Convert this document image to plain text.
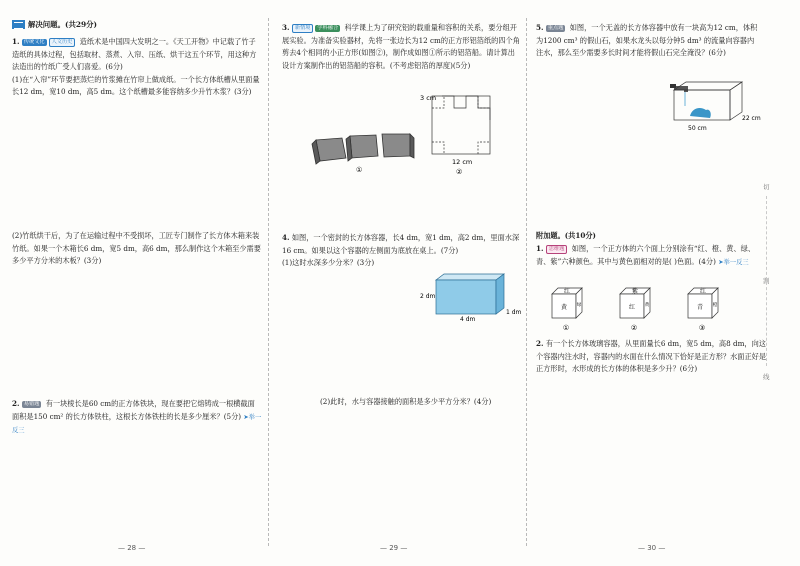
解决问题。(共29分)
1. 传统文化 人文历史 造纸术是中国四大发明之一。《天工开物》中记载了竹子造纸的具体过程，包括取材、蒸煮、入帘、压纸、烘干这五个环节，用这种方法造出的竹纸广受人们喜爱。(6分)
(1)在“入帘”环节要把蒸烂的竹浆摊在竹帘上做成纸。一个长方体纸槽从里面量长12 dm，宽10 dm，高5 dm。这个纸槽最多能容纳多少升竹木浆？(3分)
(2)竹纸烘干后，为了在运输过程中不受损坏，工匠专门制作了长方体木箱来装竹纸。如果一个木箱长6 dm，宽5 dm，高6 dm，那么制作这个木箱至少需要多少平方分米的木板？(3分)
2. 易错题 有一块棱长是60 cm的正方体铁块，现在要把它熔铸成一根横截面面积是150 cm² 的长方体铁柱，这根长方体铁柱的长是多少厘米？(5分) ➤举一反三
— 28 —
3. 新情境 学科融合 科学课上为了研究铝的载重量和容积的关系，要分组开展实验。为准备实验器材，先将一张边长为12 cm的正方形铝箔纸的四个角剪去4个相同的小正方形(如图②)，制作成如图①所示的铝箔船。请计算出设计方案制作出的铝箔船的容积。(不考虑铝箔的厚度)(5分)
①
3 cm
12 cm
②
4. 如图，一个密封的长方体容器，长4 dm，宽1 dm，高2 dm，里面水深16 cm。如果以这个容器的左侧面为底放在桌上。(7分)
(1)这时水深多少分米？(3分)
2 dm
1 dm
4 dm
(2)此时，水与容器接触的面积是多少平方分米？(4分)
— 29 —
5. 重点题 如图，一个无盖的长方体容器中放有一块高为12 cm，体积为1200 cm³ 的假山石，如果水龙头以每分钟5 dm³ 的流量向容器内注水，那么至少需要多长时间才能将假山石完全淹没？(6分)
50 cm
22 cm
附加题。(共10分)
1. 思维题 如图，一个正方体的六个面上分别涂有“红、橙、黄、绿、青、紫”六种颜色。其中与黄色面相对的是( )色面。(4分) ➤举一反三
红
黄 绿
①
紫
红 黄
②
红
青 橙
③
2. 有一个长方体玻璃容器，从里面量长6 dm，宽5 dm，高8 dm，向这个容器内注水时，容器内的水面在什么情况下恰好是正方形？水面正好是正方形时，水形成的长方体的体积是多少升？(6分)
— 30 —
切
割
线
